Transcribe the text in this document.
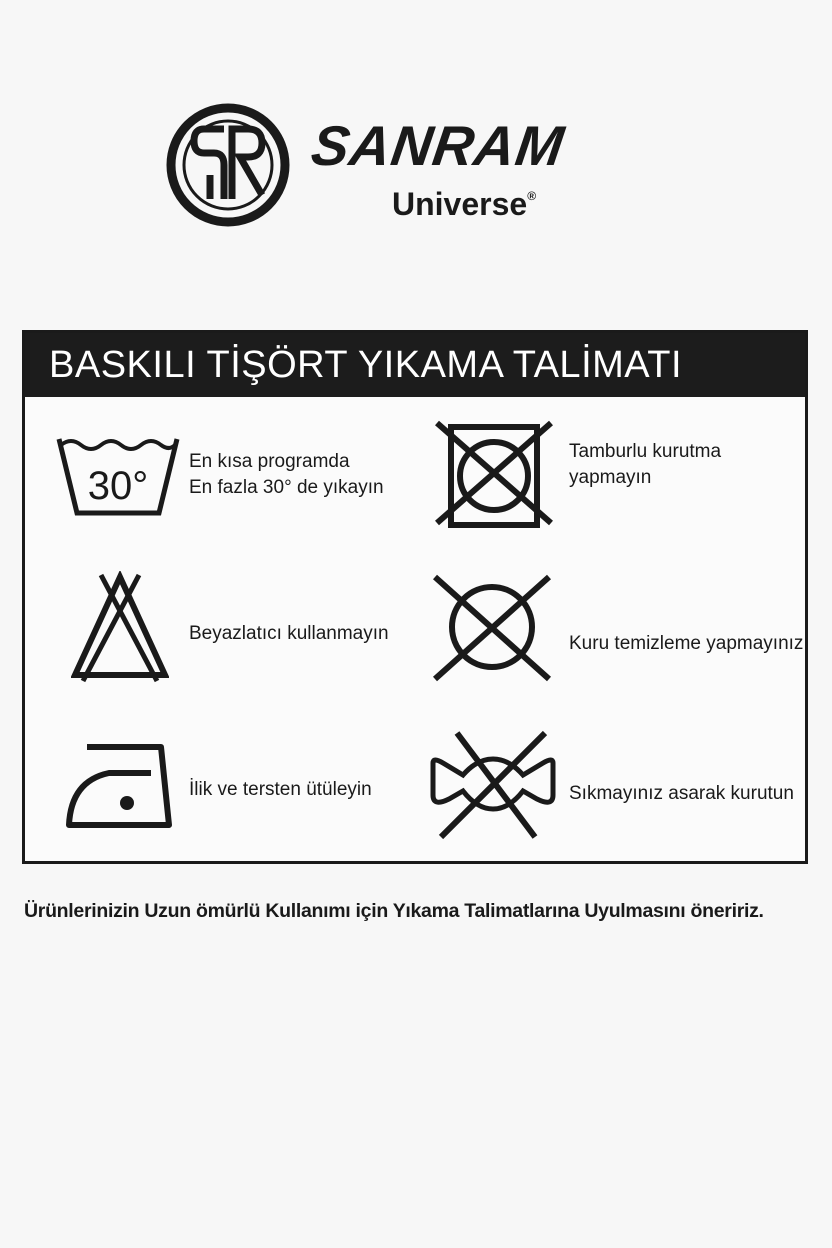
SANRAM
Universe®
BASKILI TİŞÖRT YIKAMA TALİMATI
30°
En kısa programda
En fazla 30° de yıkayın
Tamburlu kurutma
yapmayın
Beyazlatıcı kullanmayın	Kuru temizleme yapmayınız
İlik ve tersten ütüleyin	Sıkmayınız asarak kurutun
Ürünlerinizin Uzun ömürlü Kullanımı için Yıkama Talimatlarına Uyulmasını öneririz.
